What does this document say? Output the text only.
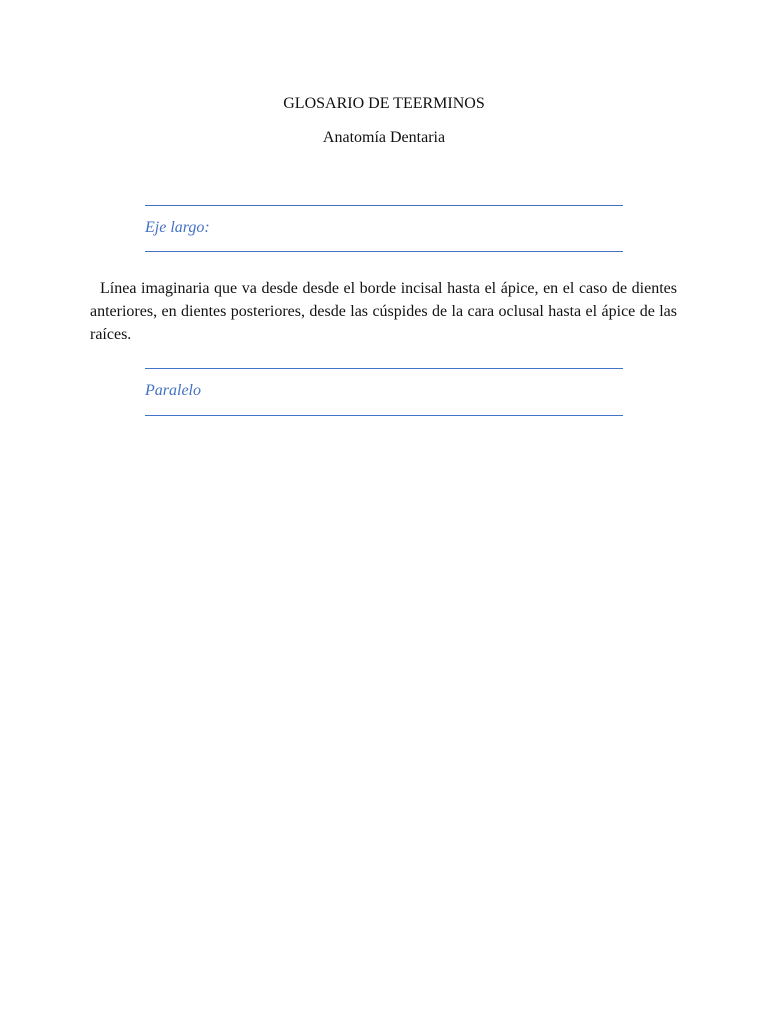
GLOSARIO DE TEERMINOS
Anatomía Dentaria
Eje largo:

Línea imaginaria que va desde desde el borde incisal hasta el ápice, en el caso de dientes anteriores, en dientes posteriores, desde las cúspides de la cara oclusal hasta el ápice de las raíces.

Paralelo
